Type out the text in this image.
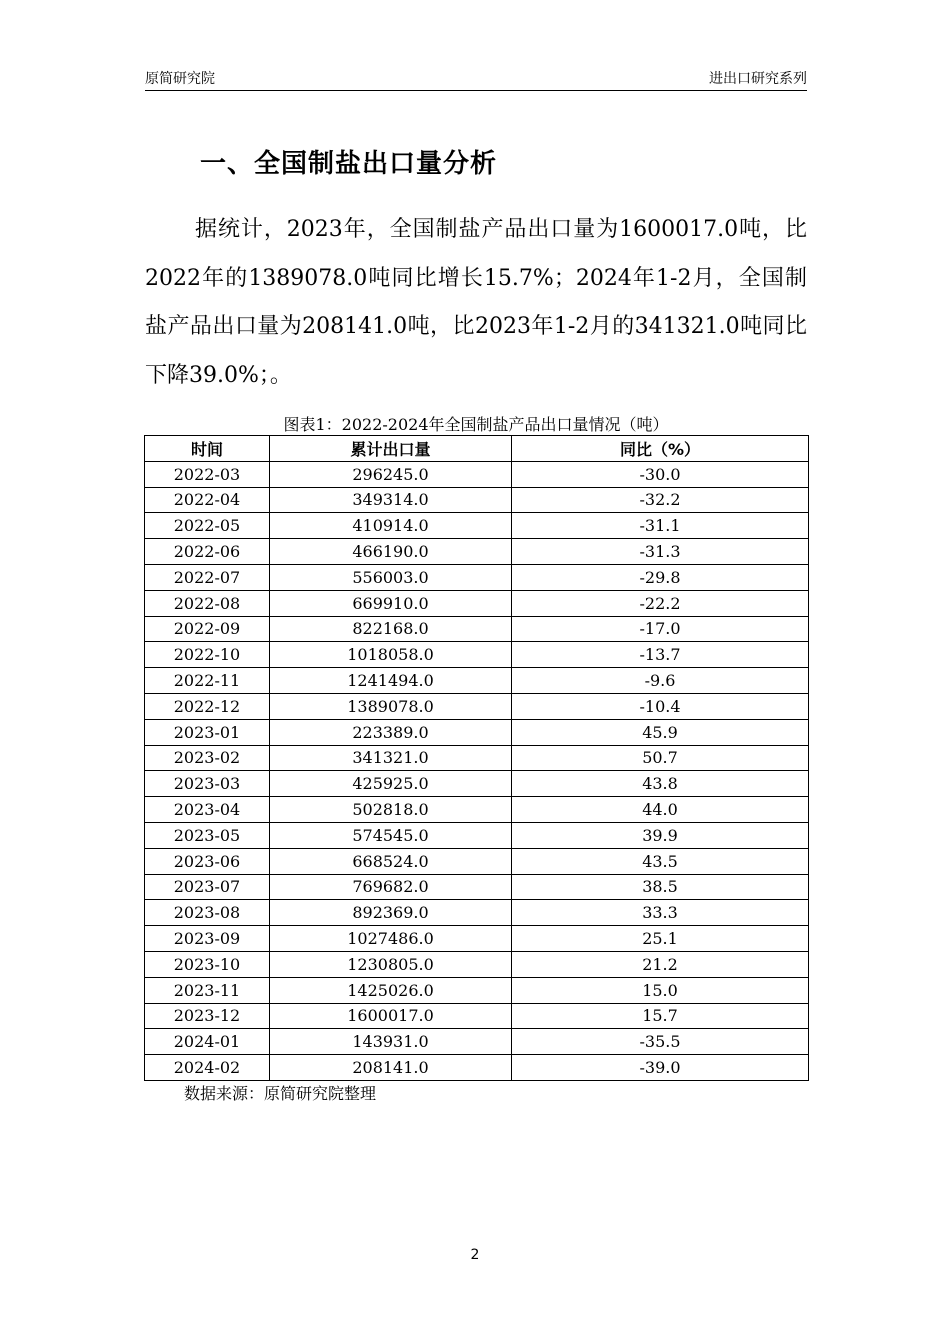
原简研究院	进出口研究系列
一、全国制盐出口量分析

据统计，2023年，全国制盐产品出口量为1600017.0吨，比2022年的1389078.0吨同比增长15.7%；2024年1-2月，全国制盐产品出口量为208141.0吨，比2023年1-2月的341321.0吨同比下降39.0%；。

图表1：2022-2024年全国制盐产品出口量情况（吨）
时间	累计出口量	同比（%）
2022-03	296245.0	-30.0
2022-04	349314.0	-32.2
2022-05	410914.0	-31.1
2022-06	466190.0	-31.3
2022-07	556003.0	-29.8
2022-08	669910.0	-22.2
2022-09	822168.0	-17.0
2022-10	1018058.0	-13.7
2022-11	1241494.0	-9.6
2022-12	1389078.0	-10.4
2023-01	223389.0	45.9
2023-02	341321.0	50.7
2023-03	425925.0	43.8
2023-04	502818.0	44.0
2023-05	574545.0	39.9
2023-06	668524.0	43.5
2023-07	769682.0	38.5
2023-08	892369.0	33.3
2023-09	1027486.0	25.1
2023-10	1230805.0	21.2
2023-11	1425026.0	15.0
2023-12	1600017.0	15.7
2024-01	143931.0	-35.5
2024-02	208141.0	-39.0
数据来源：原简研究院整理
2
